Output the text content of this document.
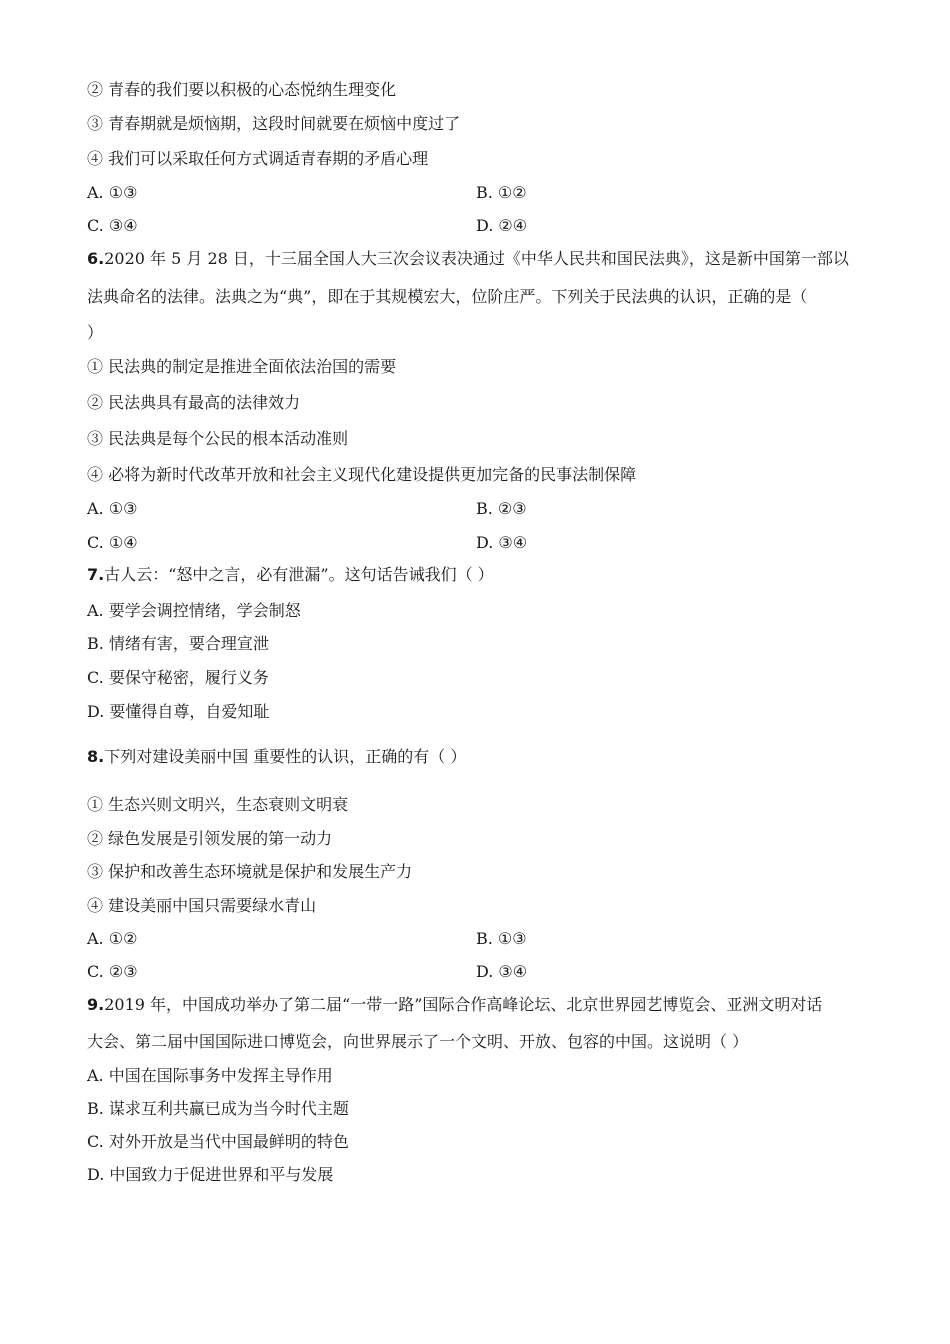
② 青春的我们要以积极的心态悦纳生理变化
③ 青春期就是烦恼期，这段时间就要在烦恼中度过了
④ 我们可以采取任何方式调适青春期的矛盾心理
A. ①③	B. ①②
C. ③④	D. ②④
6.2020 年 5 月 28 日，十三届全国人大三次会议表决通过《中华人民共和国民法典》，这是新中国第一部以
法典命名的法律。法典之为“典”，即在于其规模宏大，位阶庄严。下列关于民法典的认识，正确的是（
）
① 民法典的制定是推进全面依法治国的需要
② 民法典具有最高的法律效力
③ 民法典是每个公民的根本活动准则
④ 必将为新时代改革开放和社会主义现代化建设提供更加完备的民事法制保障
A. ①③	B. ②③
C. ①④	D. ③④
7.古人云：“怒中之言，必有泄漏”。这句话告诫我们（ ）
A. 要学会调控情绪，学会制怒
B. 情绪有害，要合理宣泄
C. 要保守秘密，履行义务
D. 要懂得自尊，自爱知耻
8.下列对建设美丽中国 重要性的认识，正确的有（ ）
① 生态兴则文明兴，生态衰则文明衰
② 绿色发展是引领发展的第一动力
③ 保护和改善生态环境就是保护和发展生产力
④ 建设美丽中国只需要绿水青山
A. ①②	B. ①③
C. ②③	D. ③④
9.2019 年，中国成功举办了第二届“一带一路”国际合作高峰论坛、北京世界园艺博览会、亚洲文明对话
大会、第二届中国国际进口博览会，向世界展示了一个文明、开放、包容的中国。这说明（ ）
A. 中国在国际事务中发挥主导作用
B. 谋求互利共赢已成为当今时代主题
C. 对外开放是当代中国最鲜明的特色
D. 中国致力于促进世界和平与发展
